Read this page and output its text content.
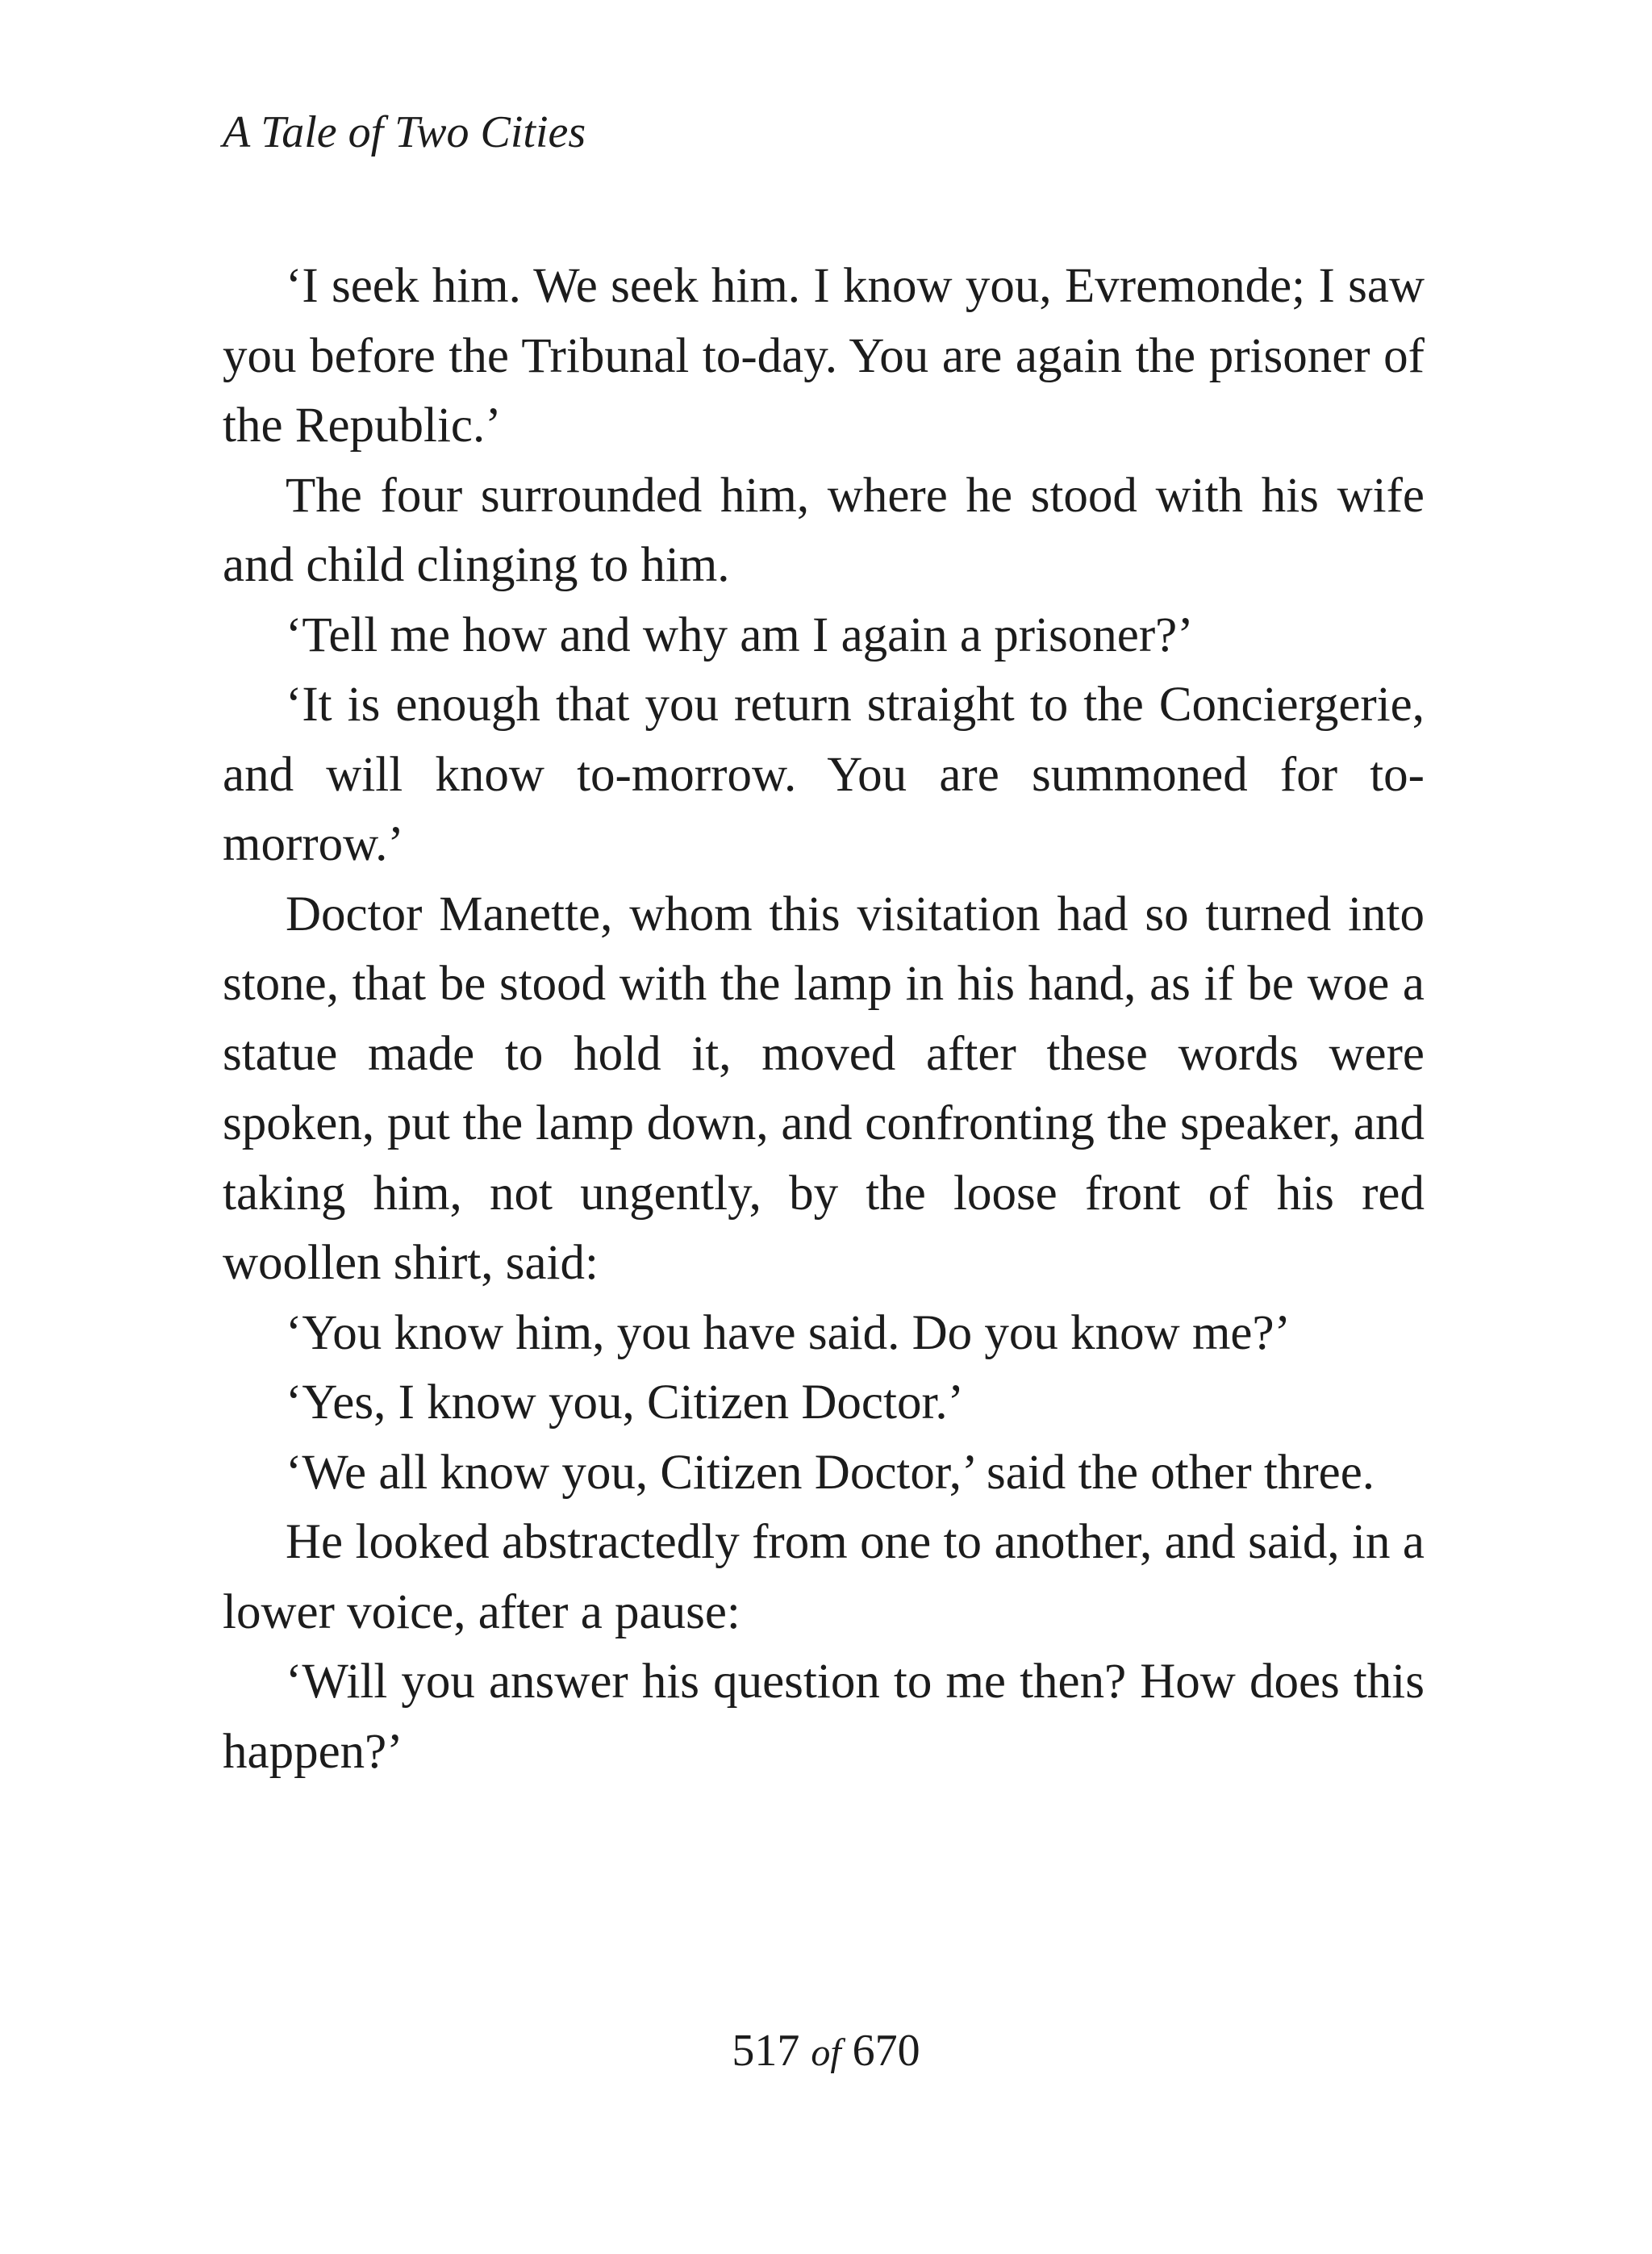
A Tale of Two Cities

‘I seek him. We seek him. I know you, Evremonde; I saw you before the Tribunal to-day. You are again the prisoner of the Republic.’

The four surrounded him, where he stood with his wife and child clinging to him.

‘Tell me how and why am I again a prisoner?’

‘It is enough that you return straight to the Conciergerie, and will know to-morrow. You are summoned for to-morrow.’

Doctor Manette, whom this visitation had so turned into stone, that be stood with the lamp in his hand, as if be woe a statue made to hold it, moved after these words were spoken, put the lamp down, and confronting the speaker, and taking him, not ungently, by the loose front of his red woollen shirt, said:

‘You know him, you have said. Do you know me?’

‘Yes, I know you, Citizen Doctor.’

‘We all know you, Citizen Doctor,’ said the other three.

He looked abstractedly from one to another, and said, in a lower voice, after a pause:

‘Will you answer his question to me then? How does this happen?’

517 of 670
